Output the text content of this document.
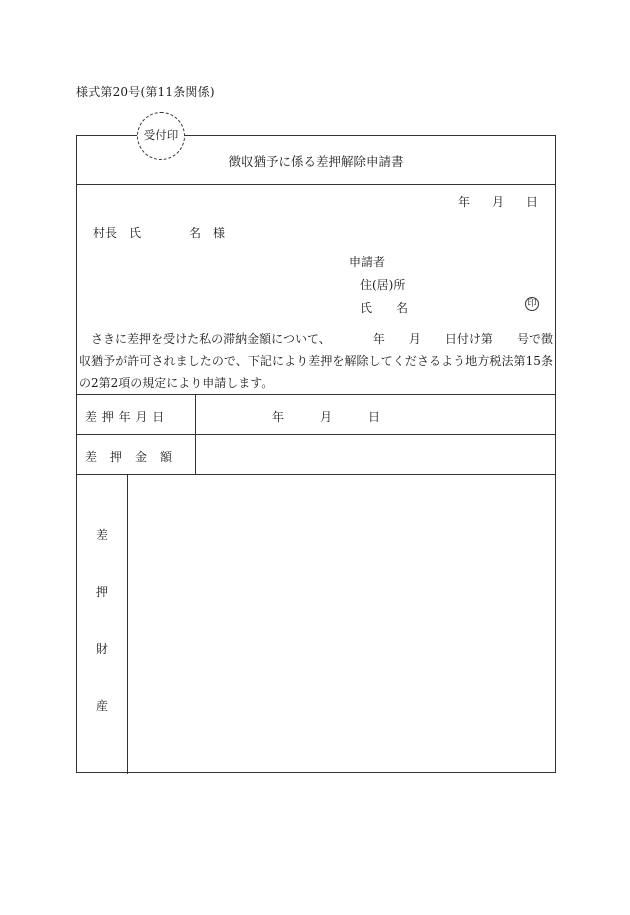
様式第20号(第11条関係)
受付印
徴収猶予に係る差押解除申請書
年 月 日
村長　氏　　　　名　様
申請者
住(居)所
氏　　名	印

さきに差押を受けた私の滞納金額について、　　　　年　　月　　日付け第　　号で徴収猶予が許可されましたので、下記により差押を解除してくださるよう地方税法第15条の2第2項の規定により申請します。

差 押 年 月 日	年	月	日
差　押　金　額
差
押
財
産
